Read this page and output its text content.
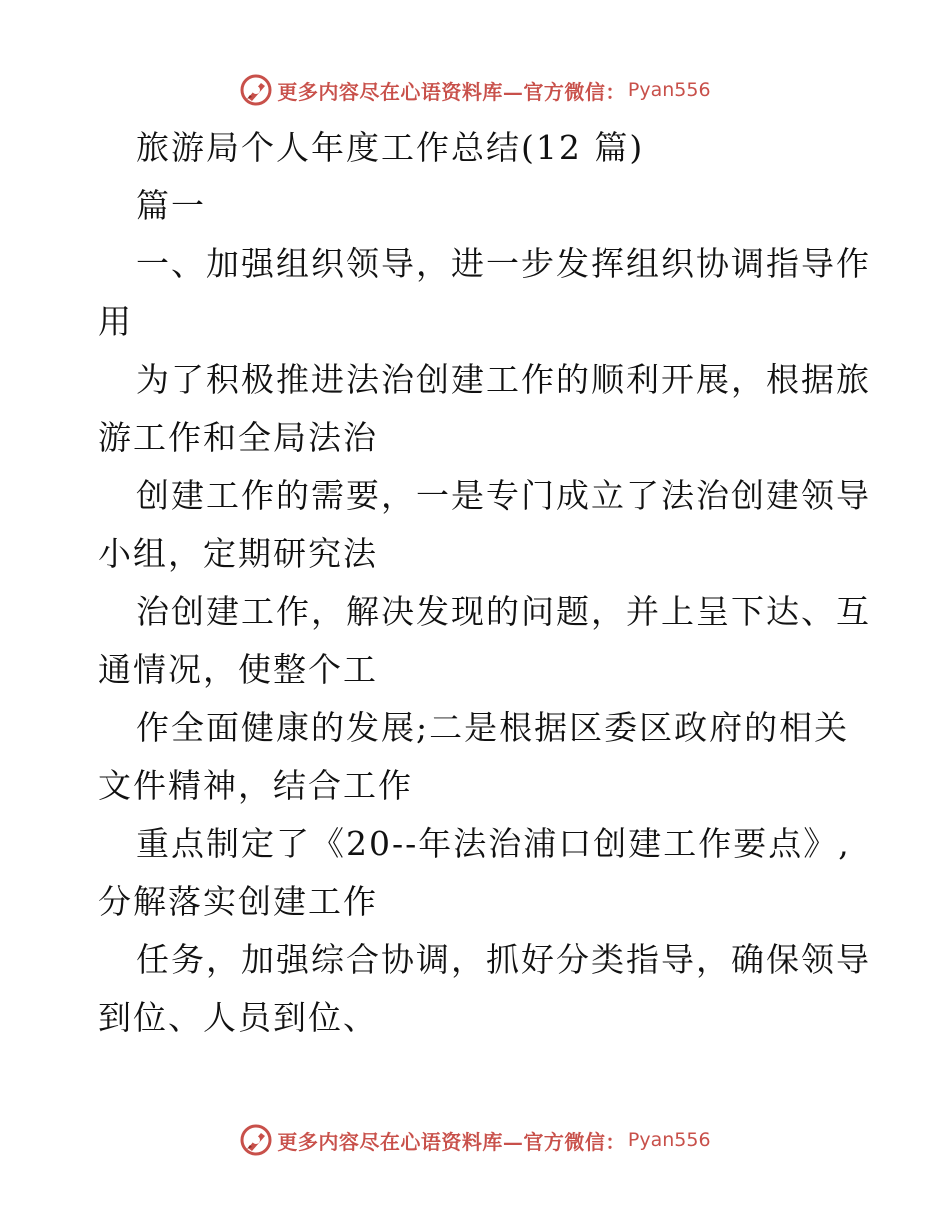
更多内容尽在心语资料库—官方微信： Pyan556
旅游局个人年度工作总结(12 篇)
篇一
一、加强组织领导，进一步发挥组织协调指导作
用
为了积极推进法治创建工作的顺利开展，根据旅
游工作和全局法治
创建工作的需要，一是专门成立了法治创建领导
小组，定期研究法
治创建工作，解决发现的问题，并上呈下达、互
通情况，使整个工
作全面健康的发展;二是根据区委区政府的相关
文件精神，结合工作
重点制定了《20--年法治浦口创建工作要点》,
分解落实创建工作
任务，加强综合协调，抓好分类指导，确保领导
到位、人员到位、
更多内容尽在心语资料库—官方微信： Pyan556
